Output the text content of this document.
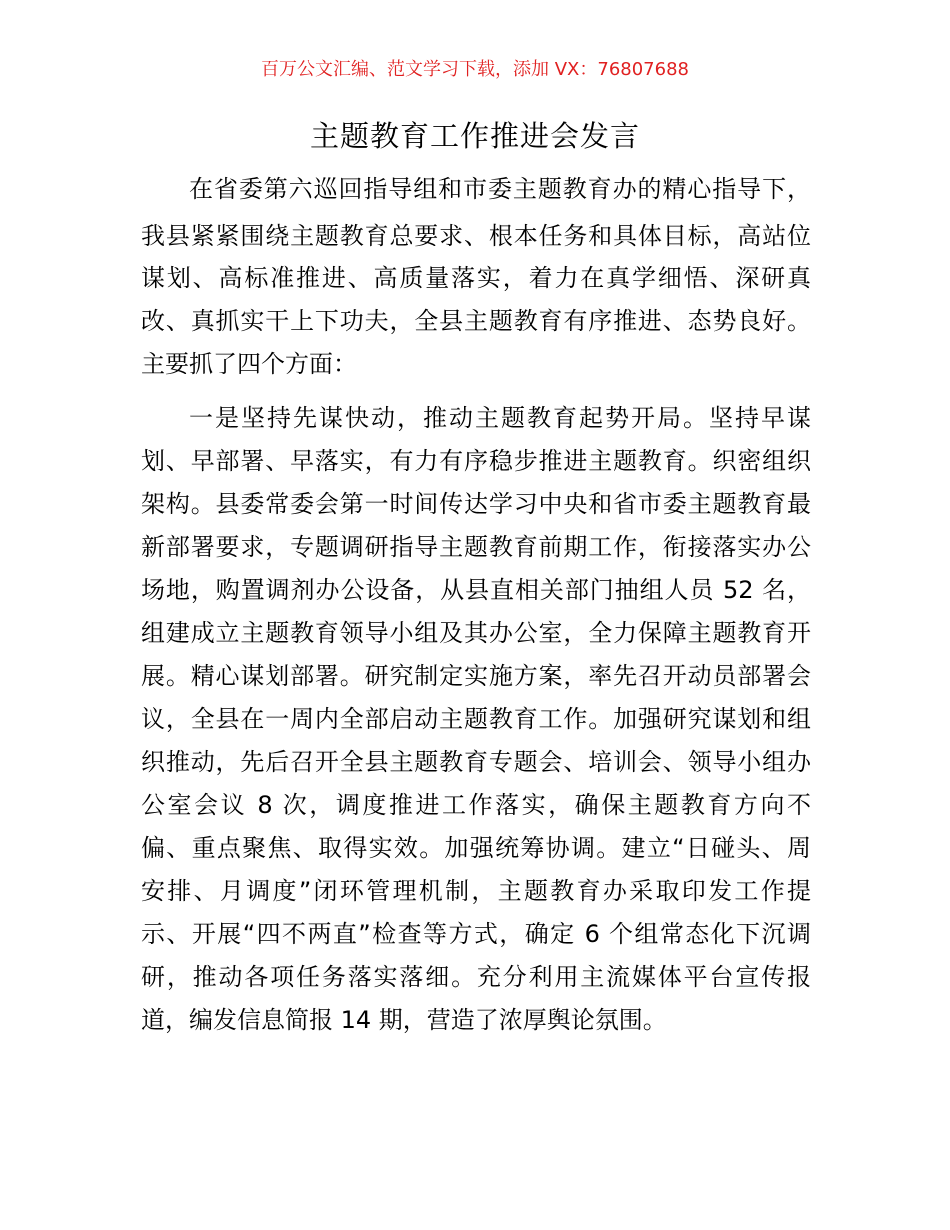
百万公文汇编、范文学习下载，添加 VX：76807688
主题教育工作推进会发言
在省委第六巡回指导组和市委主题教育办的精心指导下，
我县紧紧围绕主题教育总要求、根本任务和具体目标，高站位
谋划、高标准推进、高质量落实，着力在真学细悟、深研真
改、真抓实干上下功夫，全县主题教育有序推进、态势良好。
主要抓了四个方面：
一是坚持先谋快动，推动主题教育起势开局。坚持早谋
划、早部署、早落实，有力有序稳步推进主题教育。织密组织
架构。县委常委会第一时间传达学习中央和省市委主题教育最
新部署要求，专题调研指导主题教育前期工作，衔接落实办公
场地，购置调剂办公设备，从县直相关部门抽组人员 52 名，
组建成立主题教育领导小组及其办公室，全力保障主题教育开
展。精心谋划部署。研究制定实施方案，率先召开动员部署会
议，全县在一周内全部启动主题教育工作。加强研究谋划和组
织推动，先后召开全县主题教育专题会、培训会、领导小组办
公室会议 8 次，调度推进工作落实，确保主题教育方向不
偏、重点聚焦、取得实效。加强统筹协调。建立“日碰头、周
安排、月调度”闭环管理机制，主题教育办采取印发工作提
示、开展“四不两直”检查等方式，确定 6 个组常态化下沉调
研，推动各项任务落实落细。充分利用主流媒体平台宣传报
道，编发信息简报 14 期，营造了浓厚舆论氛围。
